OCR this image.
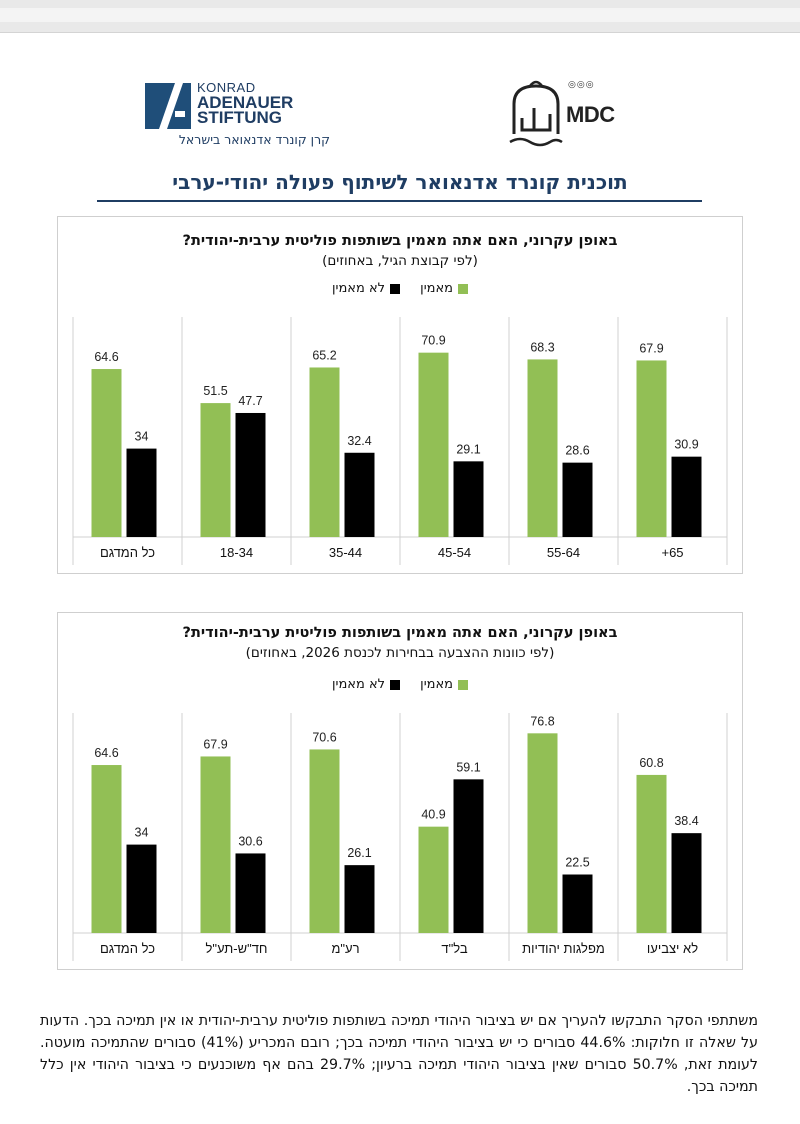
KONRAD
ADENAUER
STIFTUNG
קרן קונרד אדנאואר בישראל
◎◎◎
MDC
תוכנית קונרד אדנאואר לשיתוף פעולה יהודי-ערבי
באופן עקרוני, האם אתה מאמין בשותפות פוליטית ערבית-יהודית?
(לפי קבוצת הגיל, באחוזים)
מאמין לא מאמין
64.6
34
כל המדגם
51.5
47.7
18-34
65.2
32.4
35-44
70.9
29.1
45-54
68.3
28.6
55-64
67.9
30.9
65+
באופן עקרוני, האם אתה מאמין בשותפות פוליטית ערבית-יהודית?
(לפי כוונות ההצבעה בבחירות לכנסת 2026, באחוזים)
מאמין לא מאמין
64.6
34
כל המדגם
67.9
30.6
חד"ש-תע"ל
70.6
26.1
רע"מ
40.9
59.1
בל"ד
76.8
22.5
מפלגות יהודיות
60.8
38.4
לא יצביעו
משתתפי הסקר התבקשו להעריך אם יש בציבור היהודי תמיכה בשותפות פוליטית ערבית-יהודית או אין תמיכה בכך. הדעות על שאלה זו חלוקות: 44.6% סבורים כי יש בציבור היהודי תמיכה בכך; רובם המכריע (41%) סבורים שהתמיכה מועטה. לעומת זאת, 50.7% סבורים שאין בציבור היהודי תמיכה ברעיון; 29.7% בהם אף משוכנעים כי בציבור היהודי אין כלל תמיכה בכך.
